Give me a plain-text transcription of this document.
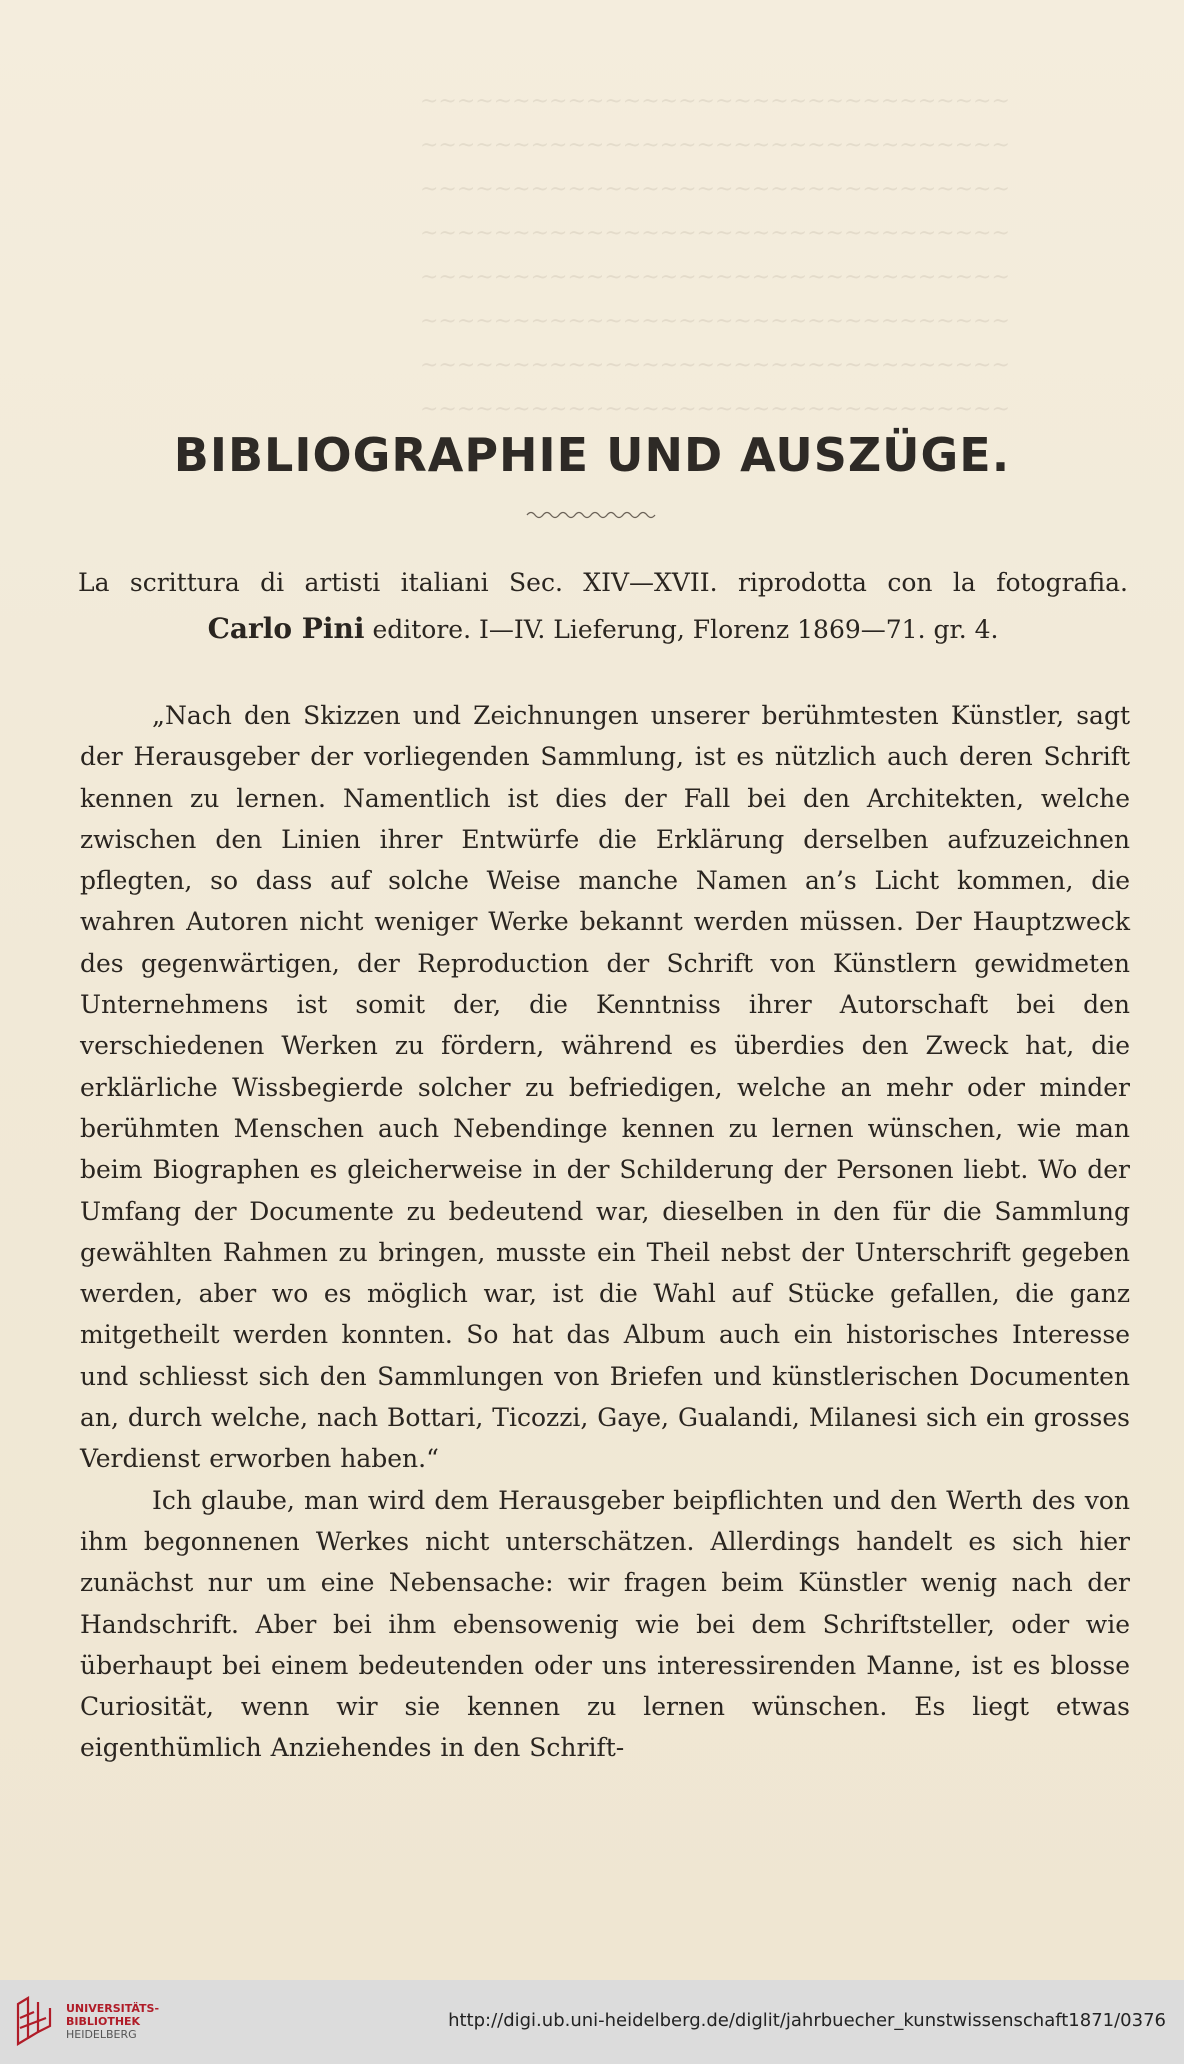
~~~~~~~~~~~~~~~~~~~~~~~~~~~~~~~~
~~~~~~~~~~~~~~~~~~~~~~~~~~~~~~~~
~~~~~~~~~~~~~~~~~~~~~~~~~~~~~~~~
~~~~~~~~~~~~~~~~~~~~~~~~~~~~~~~~
~~~~~~~~~~~~~~~~~~~~~~~~~~~~~~~~
~~~~~~~~~~~~~~~~~~~~~~~~~~~~~~~~
~~~~~~~~~~~~~~~~~~~~~~~~~~~~~~~~
~~~~~~~~~~~~~~~~~~~~~~~~~~~~~~~~
BIBLIOGRAPHIE UND AUSZÜGE.
La scrittura di artisti italiani Sec. XIV—XVII. riprodotta con la fotografia.
Carlo Pini editore. I—IV. Lieferung, Florenz 1869—71. gr. 4.

„Nach den Skizzen und Zeichnungen unserer berühmtesten Künstler, sagt der Herausgeber der vorliegenden Sammlung, ist es nützlich auch deren Schrift kennen zu lernen. Namentlich ist dies der Fall bei den Architekten, welche zwischen den Linien ihrer Entwürfe die Erklärung derselben aufzuzeichnen pflegten, so dass auf solche Weise manche Namen an’s Licht kommen, die wahren Autoren nicht weniger Werke bekannt werden müssen. Der Hauptzweck des gegenwärtigen, der Reproduction der Schrift von Künstlern gewidmeten Unternehmens ist somit der, die Kenntniss ihrer Autorschaft bei den verschiedenen Werken zu fördern, während es überdies den Zweck hat, die erklärliche Wissbegierde solcher zu befriedigen, welche an mehr oder minder berühmten Menschen auch Nebendinge kennen zu lernen wünschen, wie man beim Biographen es gleicherweise in der Schilderung der Personen liebt. Wo der Umfang der Documente zu bedeutend war, dieselben in den für die Sammlung gewählten Rahmen zu bringen, musste ein Theil nebst der Unterschrift gegeben werden, aber wo es möglich war, ist die Wahl auf Stücke gefallen, die ganz mitgetheilt werden konnten. So hat das Album auch ein historisches Interesse und schliesst sich den Sammlungen von Briefen und künstlerischen Documenten an, durch welche, nach Bottari, Ticozzi, Gaye, Gualandi, Milanesi sich ein grosses Verdienst erworben haben.“

Ich glaube, man wird dem Herausgeber beipflichten und den Werth des von ihm begonnenen Werkes nicht unterschätzen. Allerdings handelt es sich hier zunächst nur um eine Nebensache: wir fragen beim Künstler wenig nach der Handschrift. Aber bei ihm ebensowenig wie bei dem Schriftsteller, oder wie überhaupt bei einem bedeutenden oder uns interessirenden Manne, ist es blosse Curiosität, wenn wir sie kennen zu lernen wünschen. Es liegt etwas eigenthümlich Anziehendes in den Schrift-

UNIVERSITÄTS-
BIBLIOTHEK
HEIDELBERG
http://digi.ub.uni-heidelberg.de/diglit/jahrbuecher_kunstwissenschaft1871/0376
